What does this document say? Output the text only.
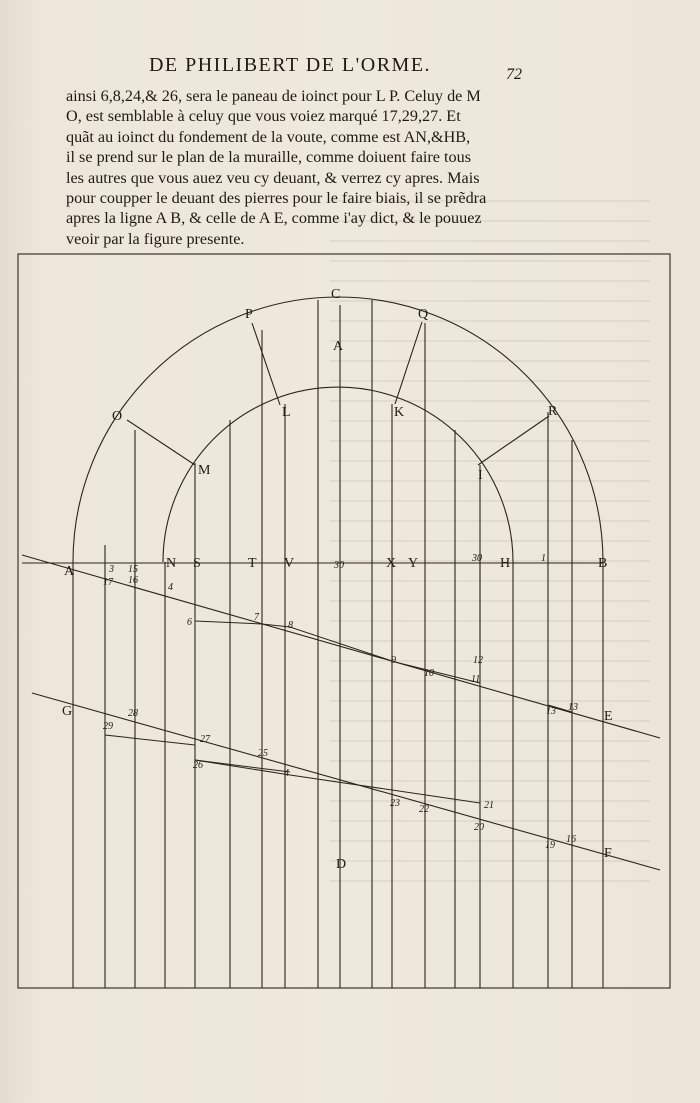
DE PHILIBERT DE L'ORME.	72
ainsi 6,8,24,& 26, sera le paneau de ioinct pour L P. Celuy de M
O, est semblable à celuy que vous voiez marqué 17,29,27. Et
quãt au ioinct du fondement de la voute, comme est AN,&HB,
il se prend sur le plan de la muraille, comme doiuent faire tous
les autres que vous auez veu cy deuant, & verrez cy apres. Mais
pour coupper le deuant des pierres pour le faire biais, il se prẽdra
apres la ligne A B, & celle de A E, comme i'ay dict, & le pouuez
veoir par la figure presente.
C
P	Q
A
O	R
L	K
M	I
A
N S	T V	X Y	H	B
E
G
F
D
3 15
17 16
4
30
30	1
6	7
8
9
10
11
12
13 13
28
29
27
25
26
4
23
22	21
20
19
16
